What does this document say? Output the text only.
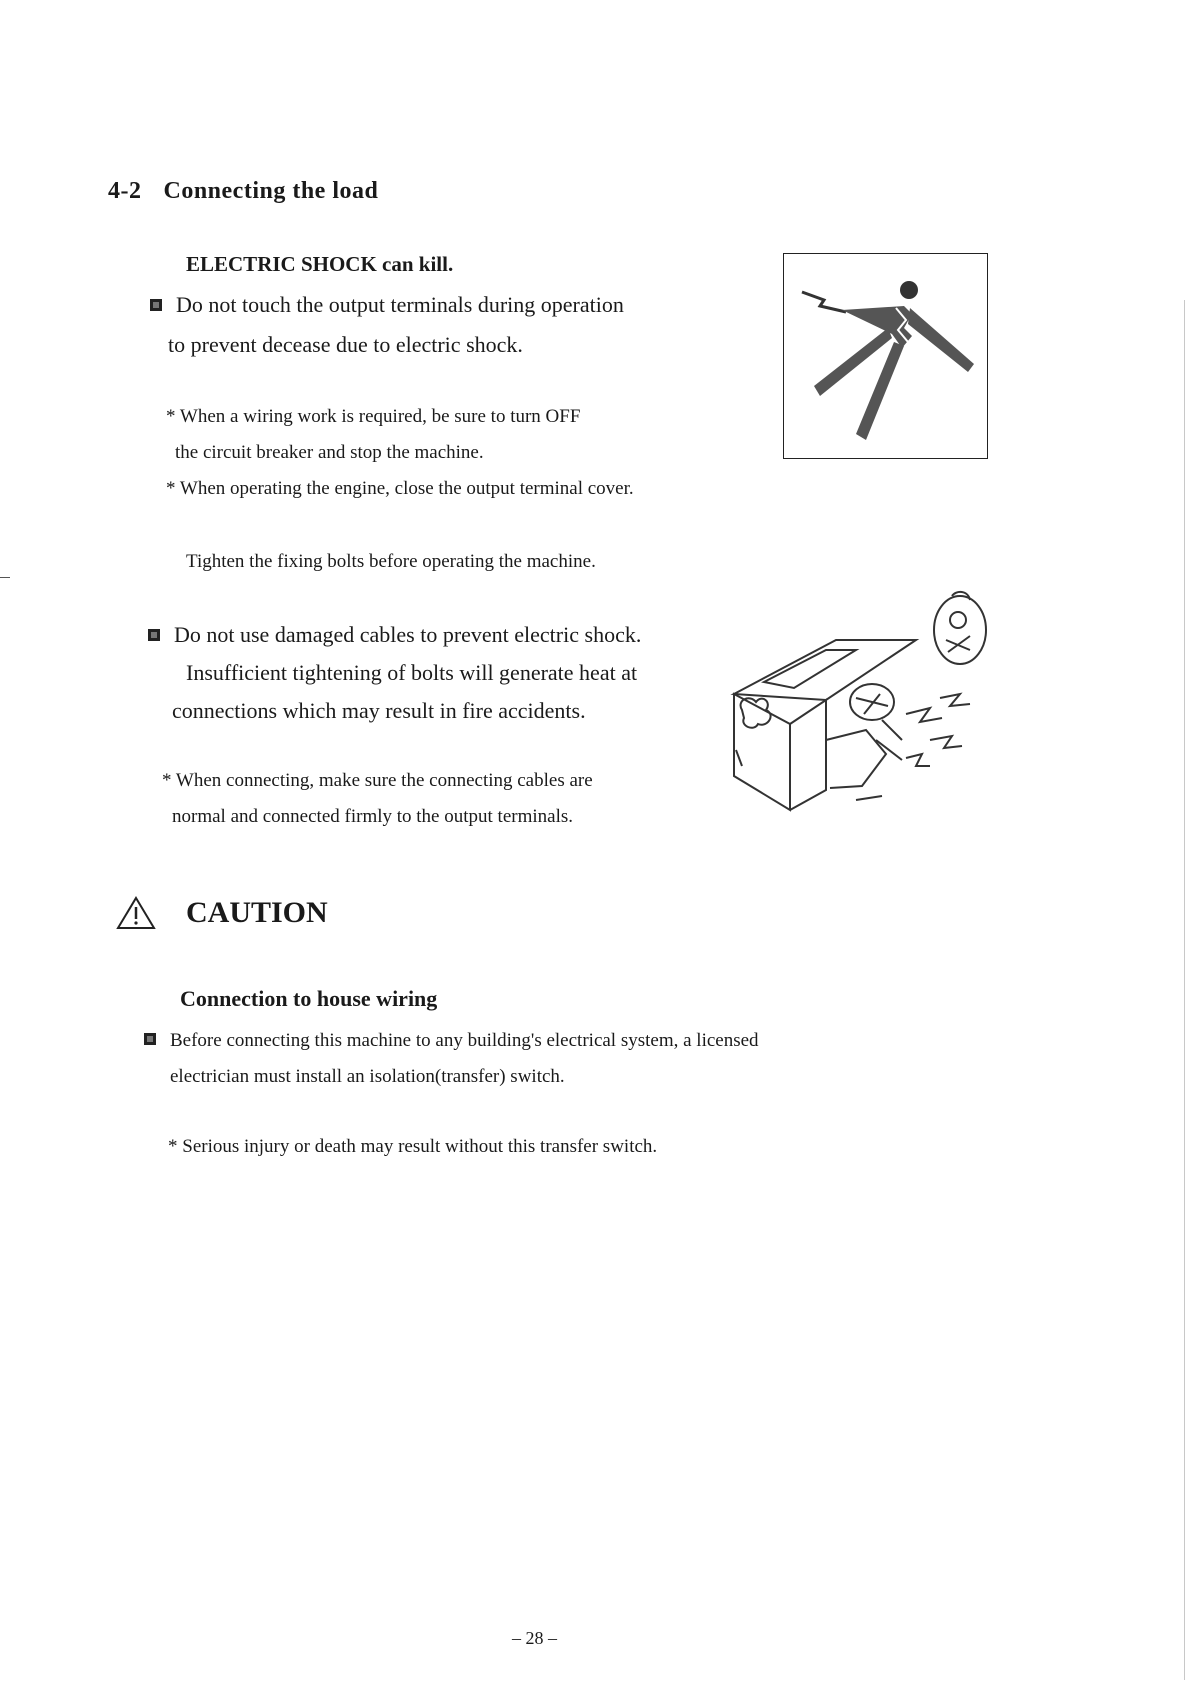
4-2 Connecting the load
ELECTRIC SHOCK can kill.
Do not touch the output terminals during operation
to prevent decease due to electric shock.
* When a wiring work is required, be sure to turn OFF
the circuit breaker and stop the machine.
* When operating the engine, close the output terminal cover.
Tighten the fixing bolts before operating the machine.
Do not use damaged cables to prevent electric shock.
Insufficient tightening of bolts will generate heat at
connections which may result in fire accidents.
* When connecting, make sure the connecting cables are
normal and connected firmly to the output terminals.
CAUTION
Connection to house wiring
Before connecting this machine to any building's electrical system, a licensed
electrician must install an isolation(transfer) switch.
* Serious injury or death may result without this transfer switch.
– 28 –
